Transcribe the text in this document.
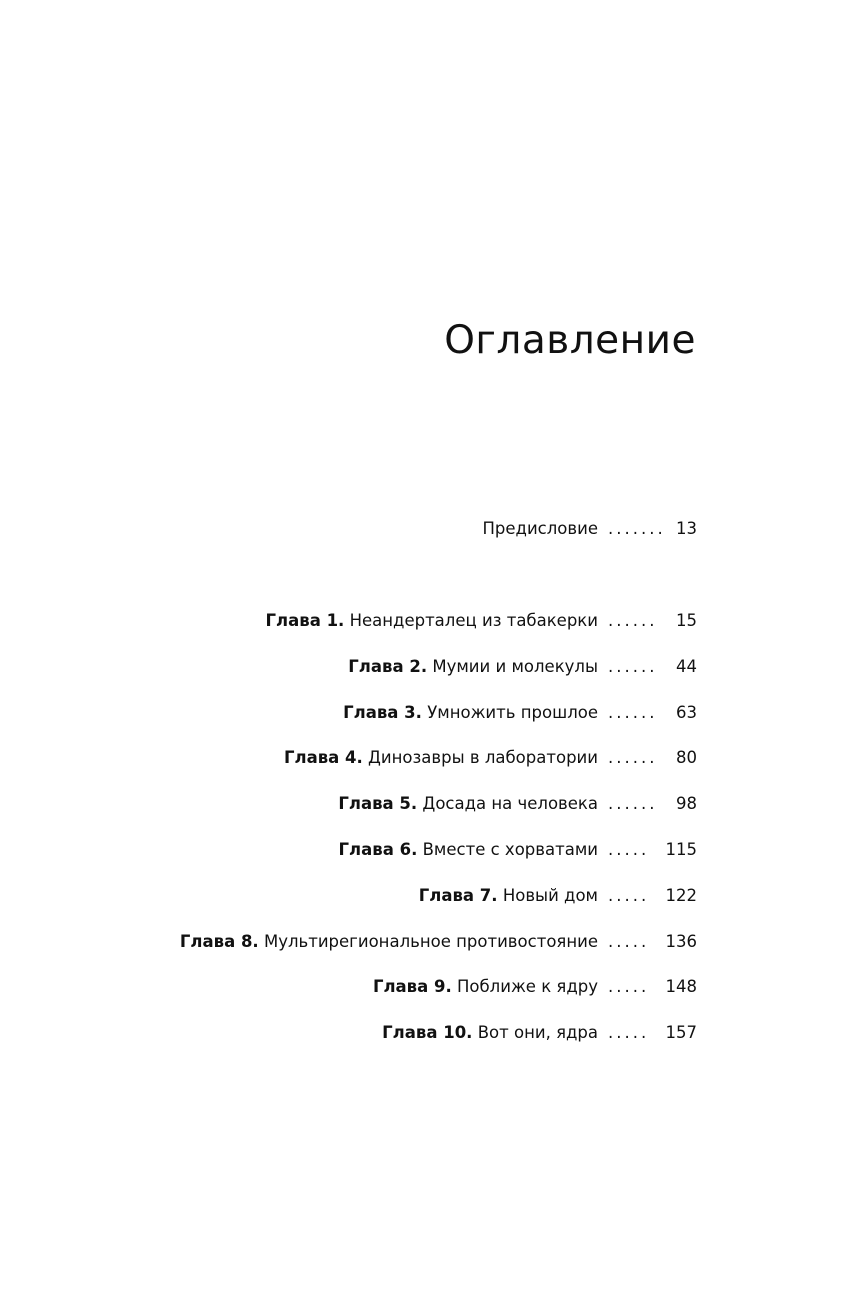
Оглавление
Предисловие ....... 13
Глава 1. Неандерталец из табакерки ...... 15
Глава 2. Мумии и молекулы ...... 44
Глава 3. Умножить прошлое ...... 63
Глава 4. Динозавры в лаборатории ...... 80
Глава 5. Досада на человека ...... 98
Глава 6. Вместе с хорватами ..... 115
Глава 7. Новый дом ..... 122
Глава 8. Мультирегиональное противостояние ..... 136
Глава 9. Поближе к ядру ..... 148
Глава 10. Вот они, ядра ..... 157
